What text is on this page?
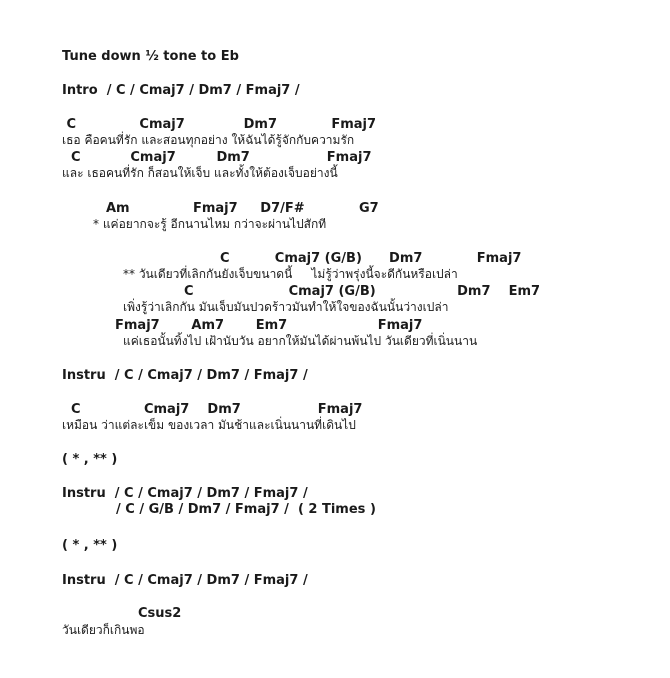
Tune down ½ tone to Eb
Intro  / C / Cmaj7 / Dm7 / Fmaj7 /
C              Cmaj7             Dm7            Fmaj7
เธอ คือคนที่รัก และสอนทุกอย่าง ให้ฉันได้รู้จักกับความรัก
C           Cmaj7         Dm7                 Fmaj7
และ เธอคนที่รัก ก็สอนให้เจ็บ และทั้งให้ต้องเจ็บอย่างนี้
Am              Fmaj7     D7/F#            G7
* แค่อยากจะรู้ อีกนานไหม กว่าจะผ่านไปสักที
C          Cmaj7 (G/B)      Dm7            Fmaj7
** วันเดียวที่เลิกกันยังเจ็บขนาดนี้     ไม่รู้ว่าพรุ่งนี้จะดีกันหรือเปล่า
C                     Cmaj7 (G/B)                  Dm7    Em7
เพิ่งรู้ว่าเลิกกัน มันเจ็บมันปวดร้าวมันทำให้ใจของฉันนั้นว่างเปล่า
Fmaj7       Am7       Em7                    Fmaj7
แค่เธอนั้นทิ้งไป เฝ้านับวัน อยากให้มันได้ผ่านพ้นไป วันเดียวที่เนิ่นนาน
Instru  / C / Cmaj7 / Dm7 / Fmaj7 /
C              Cmaj7    Dm7                 Fmaj7
เหมือน ว่าแต่ละเข็ม ของเวลา มันช้าและเนิ่นนานที่เดินไป
( * , ** )
Instru  / C / Cmaj7 / Dm7 / Fmaj7 /
/ C / G/B / Dm7 / Fmaj7 /  ( 2 Times )
( * , ** )
Instru  / C / Cmaj7 / Dm7 / Fmaj7 /
Csus2
วันเดียวก็เกินพอ
